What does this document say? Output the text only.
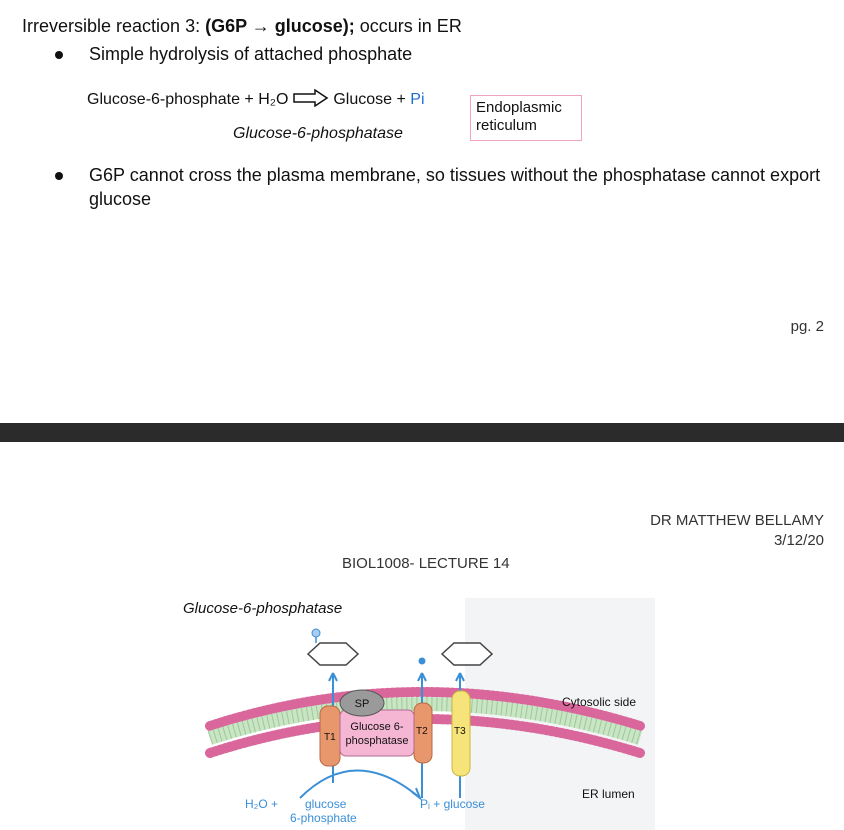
Irreversible reaction 3: (G6P → glucose); occurs in ER
Simple hydrolysis of attached phosphate
Glucose-6-phosphate + H₂O	Glucose + Pi
Glucose-6-phosphatase
Endoplasmic reticulum
G6P cannot cross the plasma membrane, so tissues without the phosphatase cannot export glucose
pg. 2
DR MATTHEW BELLAMY
3/12/20
BIOL1008- LECTURE 14
Glucose-6-phosphatase
SP
Glucose 6-
phosphatase
T1
T2	T3
Cytosolic side
ER lumen
H₂O + glucose
6-phosphate
Pᵢ + glucose
